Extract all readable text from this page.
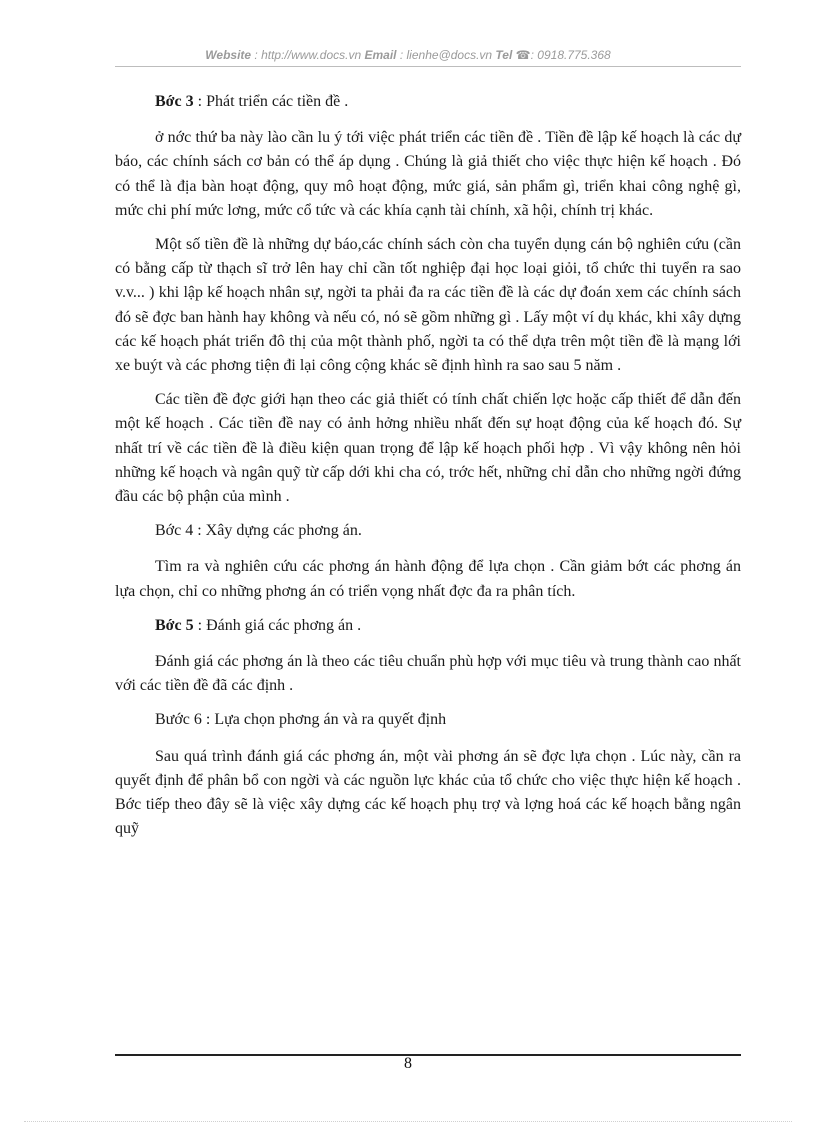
Website : http://www.docs.vn Email : lienhe@docs.vn Tel ☎: 0918.775.368

Bớc 3 : Phát triển các tiền đề .

ở nớc thứ ba này lào cần lu ý tới việc phát triển các tiền đề . Tiền đề lập kế hoạch là các dự báo, các chính sách cơ bản có thể áp dụng . Chúng là giả thiết cho việc thực hiện kế hoạch . Đó có thể là địa bàn hoạt động, quy mô hoạt động, mức giá, sản phẩm gì, triển khai công nghệ gì, mức chi phí mức lơng, mức cổ tức và các khía cạnh tài chính, xã hội, chính trị khác.

Một số tiền đề là những dự báo,các chính sách còn cha tuyển dụng cán bộ nghiên cứu (cần có bằng cấp từ thạch sĩ trở lên hay chỉ cần tốt nghiệp đại học loại giỏi, tổ chức thi tuyển ra sao v.v... ) khi lập kế hoạch nhân sự, ngời ta phải đa ra các tiền đề là các dự đoán xem các chính sách đó sẽ đợc ban hành hay không và nếu có, nó sẽ gồm những gì . Lấy một ví dụ khác, khi xây dựng các kế hoạch phát triển đô thị của một thành phố, ngời ta có thể dựa trên một tiền đề là mạng lới xe buýt và các phơng tiện đi lại công cộng khác sẽ định hình ra sao sau 5 năm .

Các tiền đề đợc giới hạn theo các giả thiết có tính chất chiến lợc hoặc cấp thiết để dẫn đến một kế hoạch . Các tiền đề nay có ảnh hởng nhiều nhất đến sự hoạt động của kế hoạch đó. Sự nhất trí về các tiền đề là điều kiện quan trọng để lập kế hoạch phối hợp . Vì vậy không nên hỏi những kế hoạch và ngân quỹ từ cấp dới khi cha có, trớc hết, những chỉ dẫn cho những ngời đứng đầu các bộ phận của mình .

Bớc 4 : Xây dựng các phơng án.

Tìm ra và nghiên cứu các phơng án hành động để lựa chọn . Cần giảm bớt các phơng án lựa chọn, chỉ co những phơng án có triển vọng nhất đợc đa ra phân tích.

Bớc 5 : Đánh giá các phơng án .

Đánh giá các phơng án là theo các tiêu chuẩn phù hợp với mục tiêu và trung thành cao nhất với các tiền đề đã các định .

Bước 6 : Lựa chọn phơng án và ra quyết định

Sau quá trình đánh giá các phơng án, một vài phơng án sẽ đợc lựa chọn . Lúc này, cần ra quyết định để phân bổ con ngời và các nguồn lực khác của tổ chức cho việc thực hiện kế hoạch . Bớc tiếp theo đây sẽ là việc xây dựng các kế hoạch phụ trợ và lợng hoá các kế hoạch bằng ngân quỹ

8
